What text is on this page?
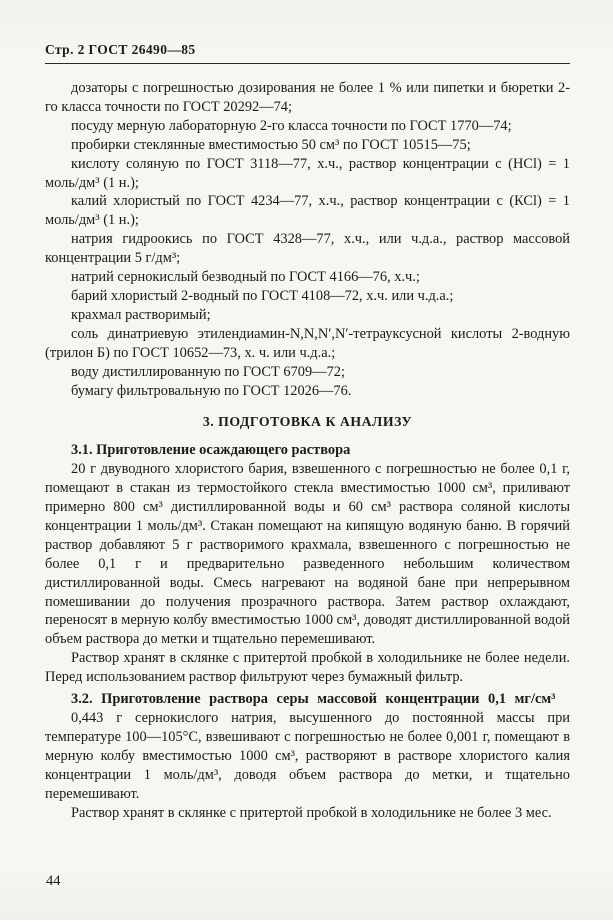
Стр. 2 ГОСТ 26490—85

дозаторы с погрешностью дозирования не более 1 % или пипетки и бюретки 2-го класса точности по ГОСТ 20292—74;

посуду мерную лабораторную 2-го класса точности по ГОСТ 1770—74;

пробирки стеклянные вместимостью 50 см³ по ГОСТ 10515—75;

кислоту соляную по ГОСТ 3118—77, х.ч., раствор концентрации с (НСl) = 1 моль/дм³ (1 н.);

калий хлористый по ГОСТ 4234—77, х.ч., раствор концентрации с (КСl) = 1 моль/дм³ (1 н.);

натрия гидроокись по ГОСТ 4328—77, х.ч., или ч.д.а., раствор массовой концентрации 5 г/дм³;

натрий сернокислый безводный по ГОСТ 4166—76, х.ч.;

барий хлористый 2-водный по ГОСТ 4108—72, х.ч. или ч.д.а.;

крахмал растворимый;

соль динатриевую этилендиамин-N,N,N′,N′-тетрауксусной кислоты 2-водную (трилон Б) по ГОСТ 10652—73, х. ч. или ч.д.а.;

воду дистиллированную по ГОСТ 6709—72;

бумагу фильтровальную по ГОСТ 12026—76.

3. ПОДГОТОВКА К АНАЛИЗУ

3.1. Приготовление осаждающего раствора

20 г двуводного хлористого бария, взвешенного с погрешностью не более 0,1 г, помещают в стакан из термостойкого стекла вместимостью 1000 см³, приливают примерно 800 см³ дистиллированной воды и 60 см³ раствора соляной кислоты концентрации 1 моль/дм³. Стакан помещают на кипящую водяную баню. В горячий раствор добавляют 5 г растворимого крахмала, взвешенного с погрешностью не более 0,1 г и предварительно разведенного небольшим количеством дистиллированной воды. Смесь нагревают на водяной бане при непрерывном помешивании до получения прозрачного раствора. Затем раствор охлаждают, переносят в мерную колбу вместимостью 1000 см³, доводят дистиллированной водой объем раствора до метки и тщательно перемешивают.

Раствор хранят в склянке с притертой пробкой в холодильнике не более недели. Перед использованием раствор фильтруют через бумажный фильтр.

3.2. Приготовление раствора серы массовой концентрации 0,1 мг/см³

0,443 г сернокислого натрия, высушенного до постоянной массы при температуре 100—105°С, взвешивают с погрешностью не более 0,001 г, помещают в мерную колбу вместимостью 1000 см³, растворяют в растворе хлористого калия концентрации 1 моль/дм³, доводя объем раствора до метки, и тщательно перемешивают.

Раствор хранят в склянке с притертой пробкой в холодильнике не более 3 мес.

44
